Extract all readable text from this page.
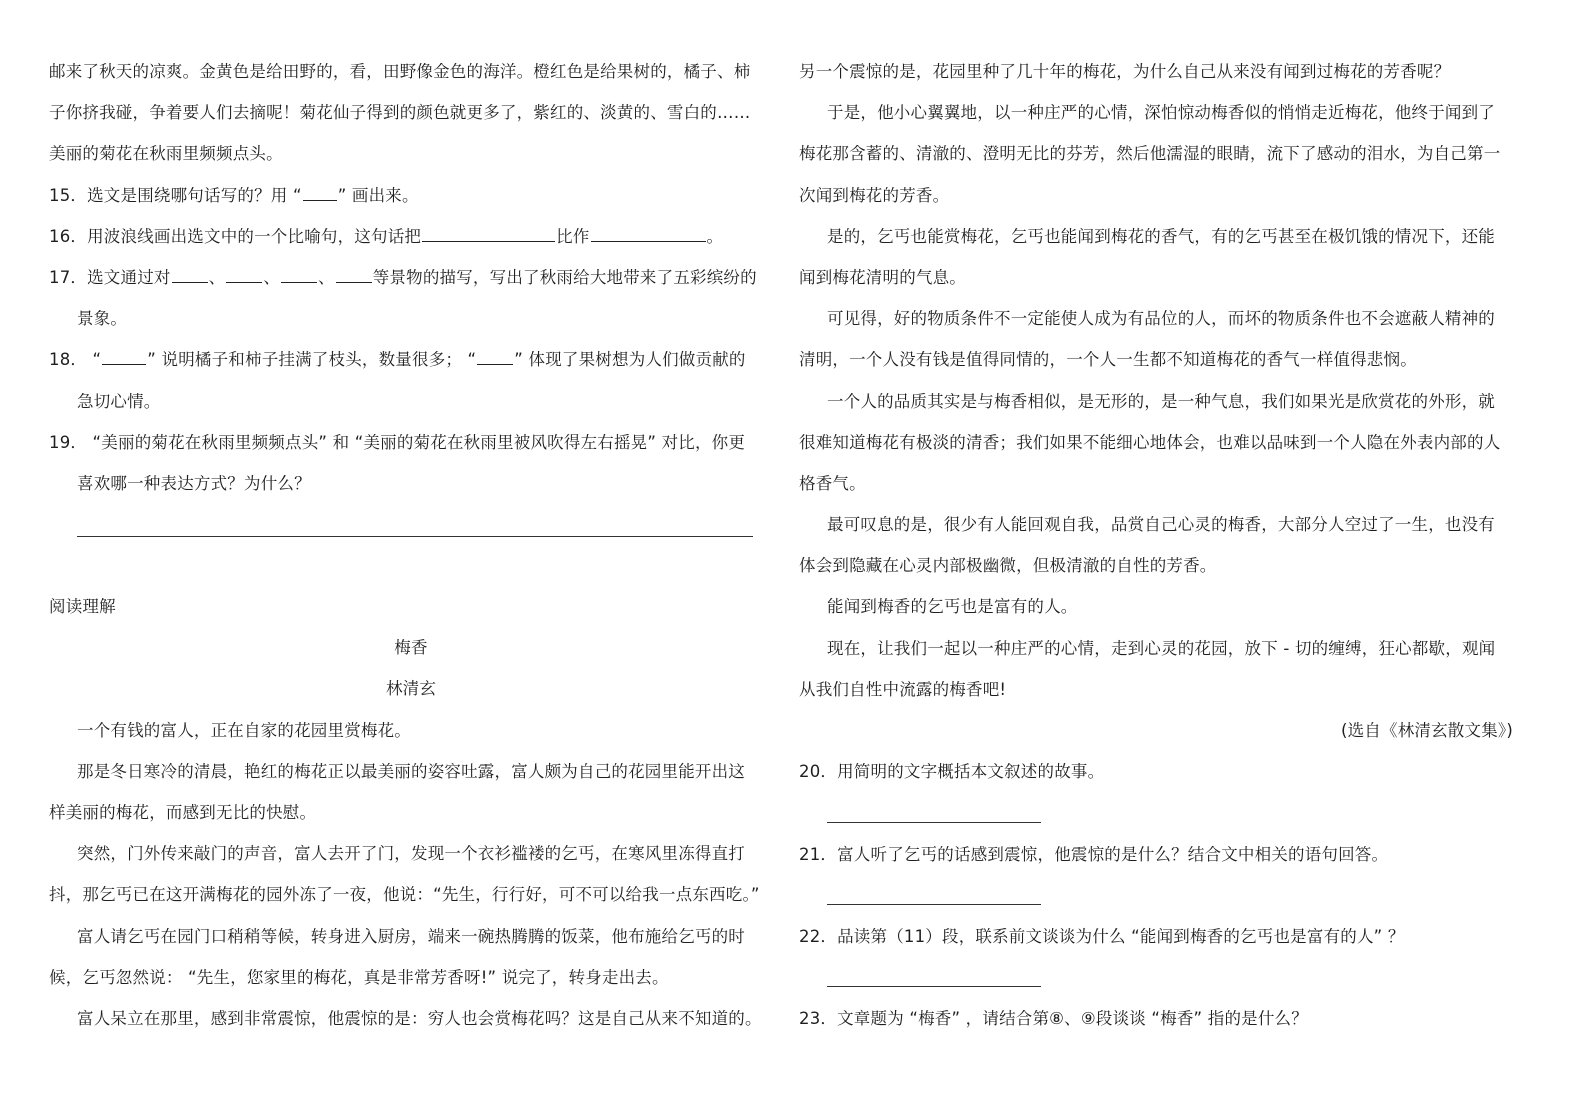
邮来了秋天的凉爽。金黄色是给田野的，看，田野像金色的海洋。橙红色是给果树的，橘子、柿
子你挤我碰，争着要人们去摘呢！菊花仙子得到的颜色就更多了，紫红的、淡黄的、雪白的……
美丽的菊花在秋雨里频频点头。
15．选文是围绕哪句话写的？用 “ ” 画出来。
16．用波浪线画出选文中的一个比喻句，这句话把	比作	。
17．选文通过对 、 、 、 等景物的描写，写出了秋雨给大地带来了五彩缤纷的
景象。
18． “	” 说明橘子和柿子挂满了枝头，数量很多； “ ” 体现了果树想为人们做贡献的
急切心情。
19． “美丽的菊花在秋雨里频频点头” 和 “美丽的菊花在秋雨里被风吹得左右摇晃” 对比，你更
喜欢哪一种表达方式？为什么？
阅读理解
梅香
林清玄
一个有钱的富人，正在自家的花园里赏梅花。
那是冬日寒冷的清晨，艳红的梅花正以最美丽的姿容吐露，富人颇为自己的花园里能开出这
样美丽的梅花，而感到无比的快慰。
突然，门外传来敲门的声音，富人去开了门，发现一个衣衫褴褛的乞丐，在寒风里冻得直打
抖，那乞丐已在这开满梅花的园外冻了一夜，他说：“先生，行行好，可不可以给我一点东西吃。”
富人请乞丐在园门口稍稍等候，转身进入厨房，端来一碗热腾腾的饭菜，他布施给乞丐的时
候，乞丐忽然说： “先生，您家里的梅花，真是非常芳香呀!” 说完了，转身走出去。
富人呆立在那里，感到非常震惊，他震惊的是：穷人也会赏梅花吗？这是自己从来不知道的。
另一个震惊的是，花园里种了几十年的梅花，为什么自己从来没有闻到过梅花的芳香呢？
于是，他小心翼翼地，以一种庄严的心情，深怕惊动梅香似的悄悄走近梅花，他终于闻到了
梅花那含蓄的、清澈的、澄明无比的芬芳，然后他濡湿的眼睛，流下了感动的泪水，为自己第一
次闻到梅花的芳香。
是的，乞丐也能赏梅花，乞丐也能闻到梅花的香气，有的乞丐甚至在极饥饿的情况下，还能
闻到梅花清明的气息。
可见得，好的物质条件不一定能使人成为有品位的人，而坏的物质条件也不会遮蔽人精神的
清明，一个人没有钱是值得同情的，一个人一生都不知道梅花的香气一样值得悲悯。
一个人的品质其实是与梅香相似，是无形的，是一种气息，我们如果光是欣赏花的外形，就
很难知道梅花有极淡的清香；我们如果不能细心地体会，也难以品味到一个人隐在外表内部的人
格香气。
最可叹息的是，很少有人能回观自我，品赏自己心灵的梅香，大部分人空过了一生，也没有
体会到隐藏在心灵内部极幽微，但极清澈的自性的芳香。
能闻到梅香的乞丐也是富有的人。
现在，让我们一起以一种庄严的心情，走到心灵的花园，放下 - 切的缠缚，狂心都歇，观闻
从我们自性中流露的梅香吧!
(选自《林清玄散文集》)
20．用简明的文字概括本文叙述的故事。
21．富人听了乞丐的话感到震惊，他震惊的是什么？结合文中相关的语句回答。
22．品读第（11）段，联系前文谈谈为什么 “能闻到梅香的乞丐也是富有的人” ？
23．文章题为 “梅香” ，请结合第⑧、⑨段谈谈 “梅香” 指的是什么？
